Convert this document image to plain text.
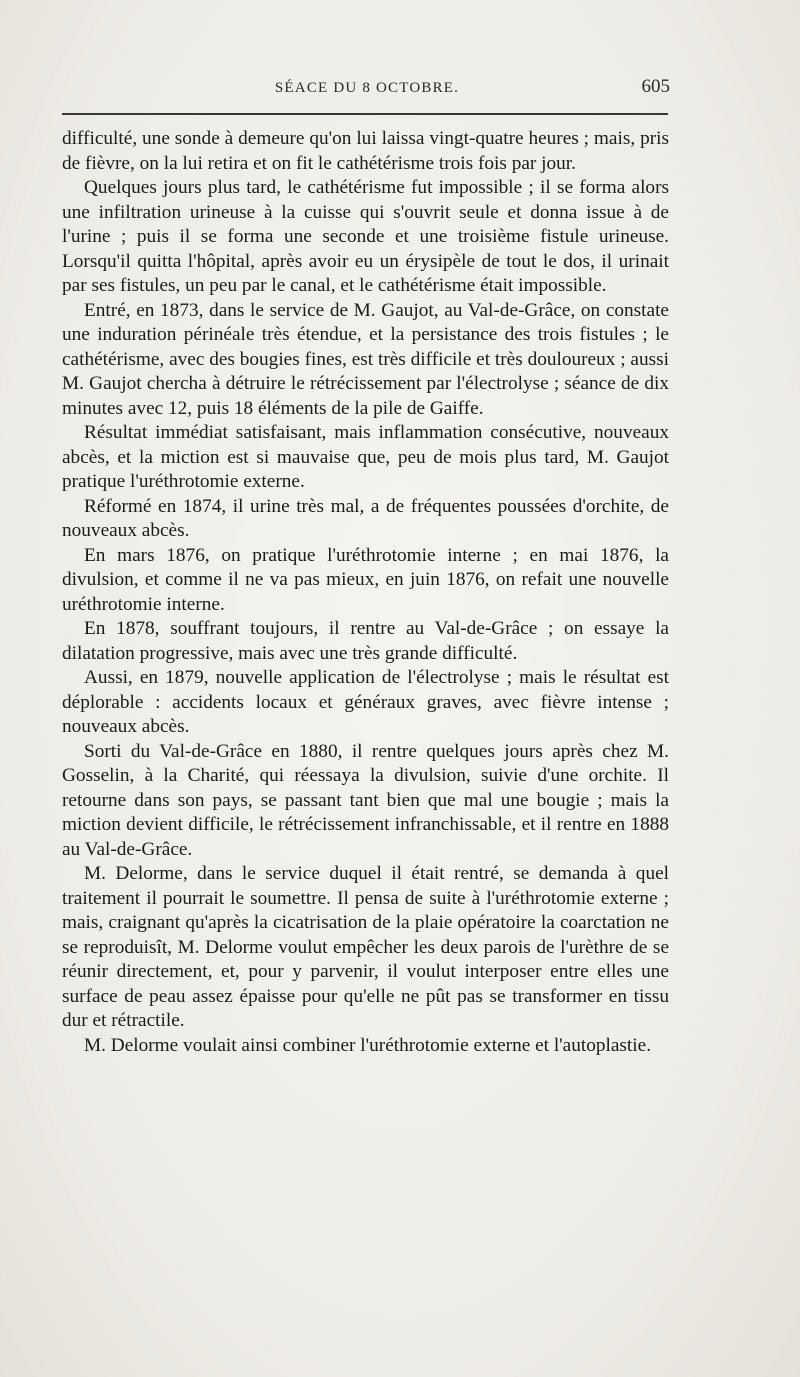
SÉACE DU 8 OCTOBRE.	605

difficulté, une sonde à demeure qu'on lui laissa vingt-quatre heures ; mais, pris de fièvre, on la lui retira et on fit le cathétérisme trois fois par jour.

Quelques jours plus tard, le cathétérisme fut impossible ; il se forma alors une infiltration urineuse à la cuisse qui s'ouvrit seule et donna issue à de l'urine ; puis il se forma une seconde et une troisième fistule urineuse. Lorsqu'il quitta l'hôpital, après avoir eu un érysipèle de tout le dos, il urinait par ses fistules, un peu par le canal, et le cathétérisme était impossible.

Entré, en 1873, dans le service de M. Gaujot, au Val-de-Grâce, on constate une induration périnéale très étendue, et la persistance des trois fistules ; le cathétérisme, avec des bougies fines, est très difficile et très douloureux ; aussi M. Gaujot chercha à détruire le rétrécissement par l'électrolyse ; séance de dix minutes avec 12, puis 18 éléments de la pile de Gaiffe.

Résultat immédiat satisfaisant, mais inflammation consécutive, nouveaux abcès, et la miction est si mauvaise que, peu de mois plus tard, M. Gaujot pratique l'uréthrotomie externe.

Réformé en 1874, il urine très mal, a de fréquentes poussées d'orchite, de nouveaux abcès.

En mars 1876, on pratique l'uréthrotomie interne ; en mai 1876, la divulsion, et comme il ne va pas mieux, en juin 1876, on refait une nouvelle uréthrotomie interne.

En 1878, souffrant toujours, il rentre au Val-de-Grâce ; on essaye la dilatation progressive, mais avec une très grande difficulté.

Aussi, en 1879, nouvelle application de l'électrolyse ; mais le résultat est déplorable : accidents locaux et généraux graves, avec fièvre intense ; nouveaux abcès.

Sorti du Val-de-Grâce en 1880, il rentre quelques jours après chez M. Gosselin, à la Charité, qui réessaya la divulsion, suivie d'une orchite. Il retourne dans son pays, se passant tant bien que mal une bougie ; mais la miction devient difficile, le rétrécissement infranchissable, et il rentre en 1888 au Val-de-Grâce.

M. Delorme, dans le service duquel il était rentré, se demanda à quel traitement il pourrait le soumettre. Il pensa de suite à l'uréthrotomie externe ; mais, craignant qu'après la cicatrisation de la plaie opératoire la coarctation ne se reproduisît, M. Delorme voulut empêcher les deux parois de l'urèthre de se réunir directement, et, pour y parvenir, il voulut interposer entre elles une surface de peau assez épaisse pour qu'elle ne pût pas se transformer en tissu dur et rétractile.

M. Delorme voulait ainsi combiner l'uréthrotomie externe et l'autoplastie.
